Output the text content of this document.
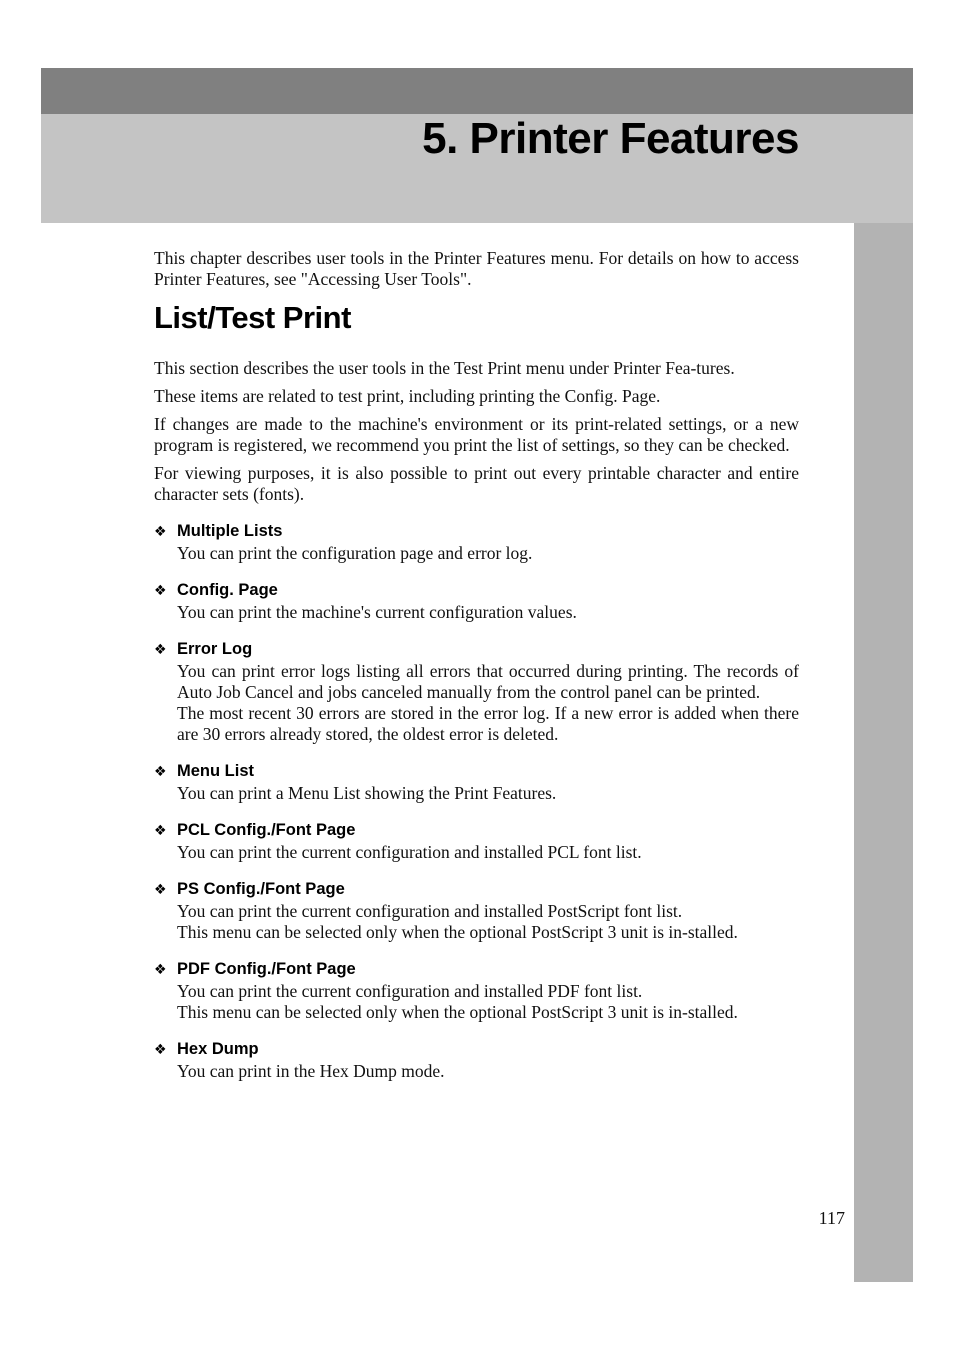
5. Printer Features

This chapter describes user tools in the Printer Features menu. For details on how to access Printer Features, see "Accessing User Tools".

List/Test Print

This section describes the user tools in the Test Print menu under Printer Fea-tures.

These items are related to test print, including printing the Config. Page.

If changes are made to the machine's environment or its print-related settings, or a new program is registered, we recommend you print the list of settings, so they can be checked.

For viewing purposes, it is also possible to print out every printable character and entire character sets (fonts).

❖ Multiple Lists

You can print the configuration page and error log.

❖ Config. Page

You can print the machine's current configuration values.

❖ Error Log

You can print error logs listing all errors that occurred during printing. The records of Auto Job Cancel and jobs canceled manually from the control panel can be printed.

The most recent 30 errors are stored in the error log. If a new error is added when there are 30 errors already stored, the oldest error is deleted.

❖ Menu List

You can print a Menu List showing the Print Features.

❖ PCL Config./Font Page

You can print the current configuration and installed PCL font list.

❖ PS Config./Font Page

You can print the current configuration and installed PostScript font list.

This menu can be selected only when the optional PostScript 3 unit is in-stalled.

❖ PDF Config./Font Page

You can print the current configuration and installed PDF font list.

This menu can be selected only when the optional PostScript 3 unit is in-stalled.

❖ Hex Dump

You can print in the Hex Dump mode.

117
